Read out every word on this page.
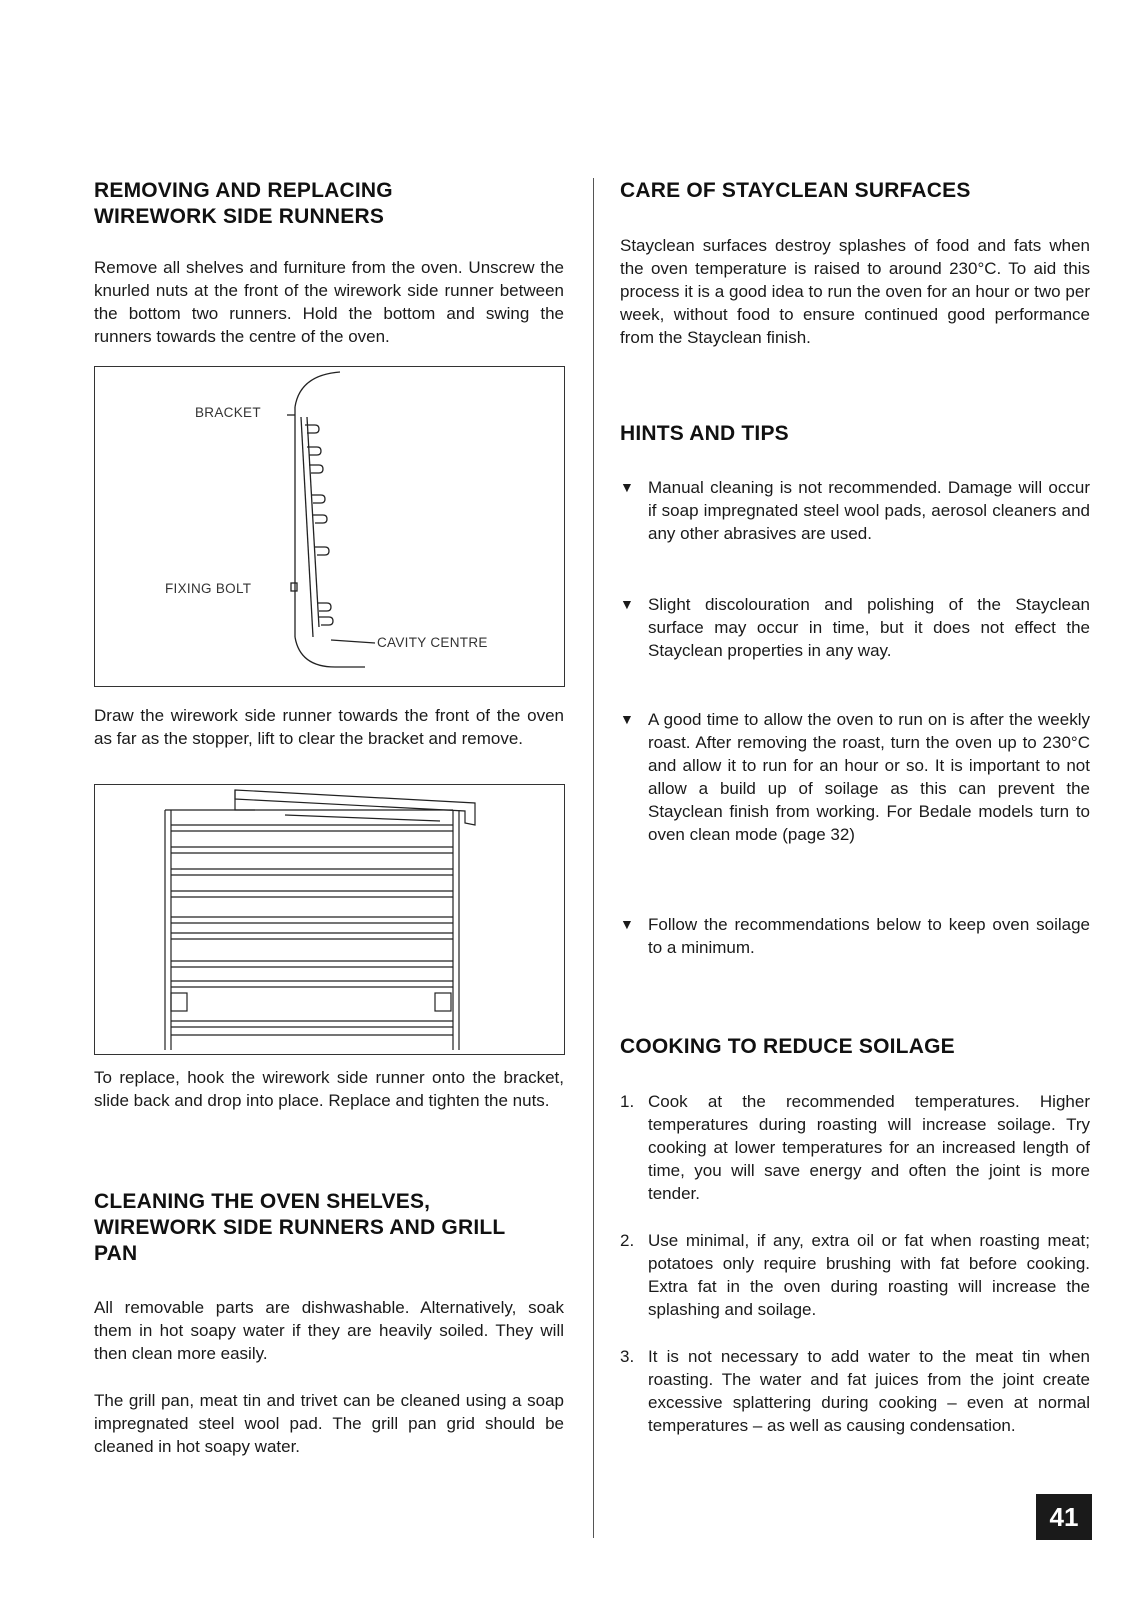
REMOVING AND REPLACING
WIREWORK SIDE RUNNERS

Remove all shelves and furniture from the oven. Unscrew the knurled nuts at the front of the wirework side runner between the bottom two runners. Hold the bottom and swing the runners towards the centre of the oven.

BRACKET
FIXING BOLT
CAVITY CENTRE

Draw the wirework side runner towards the front of the oven as far as the stopper, lift to clear the bracket and remove.

To replace, hook the wirework side runner onto the bracket, slide back and drop into place. Replace and tighten the nuts.

CLEANING THE OVEN SHELVES,
WIREWORK SIDE RUNNERS AND GRILL
PAN

All removable parts are dishwashable. Alternatively, soak them in hot soapy water if they are heavily soiled. They will then clean more easily.

The grill pan, meat tin and trivet can be cleaned using a soap impregnated steel wool pad. The grill pan grid should be cleaned in hot soapy water.

CARE OF STAYCLEAN SURFACES

Stayclean surfaces destroy splashes of food and fats when the oven temperature is raised to around 230°C. To aid this process it is a good idea to run the oven for an hour or two per week, without food to ensure continued good performance from the Stayclean finish.

HINTS AND TIPS
▼ Manual cleaning is not recommended. Damage will occur if soap impregnated steel wool pads, aerosol cleaners and any other abrasives are used.

▼ Slight discolouration and polishing of the Stayclean surface may occur in time, but it does not effect the Stayclean properties in any way.

▼ A good time to allow the oven to run on is after the weekly roast. After removing the roast, turn the oven up to 230°C and allow it to run for an hour or so. It is important to not allow a build up of soilage as this can prevent the Stayclean finish from working. For Bedale models turn to oven clean mode (page 32)

▼ Follow the recommendations below to keep oven soilage to a minimum.

COOKING TO REDUCE SOILAGE
1. Cook at the recommended temperatures. Higher temperatures during roasting will increase soilage. Try cooking at lower temperatures for an increased length of time, you will save energy and often the joint is more tender.

2. Use minimal, if any, extra oil or fat when roasting meat; potatoes only require brushing with fat before cooking. Extra fat in the oven during roasting will increase the splashing and soilage.

3. It is not necessary to add water to the meat tin when roasting. The water and fat juices from the joint create excessive splattering during cooking – even at normal temperatures – as well as causing condensation.

41
